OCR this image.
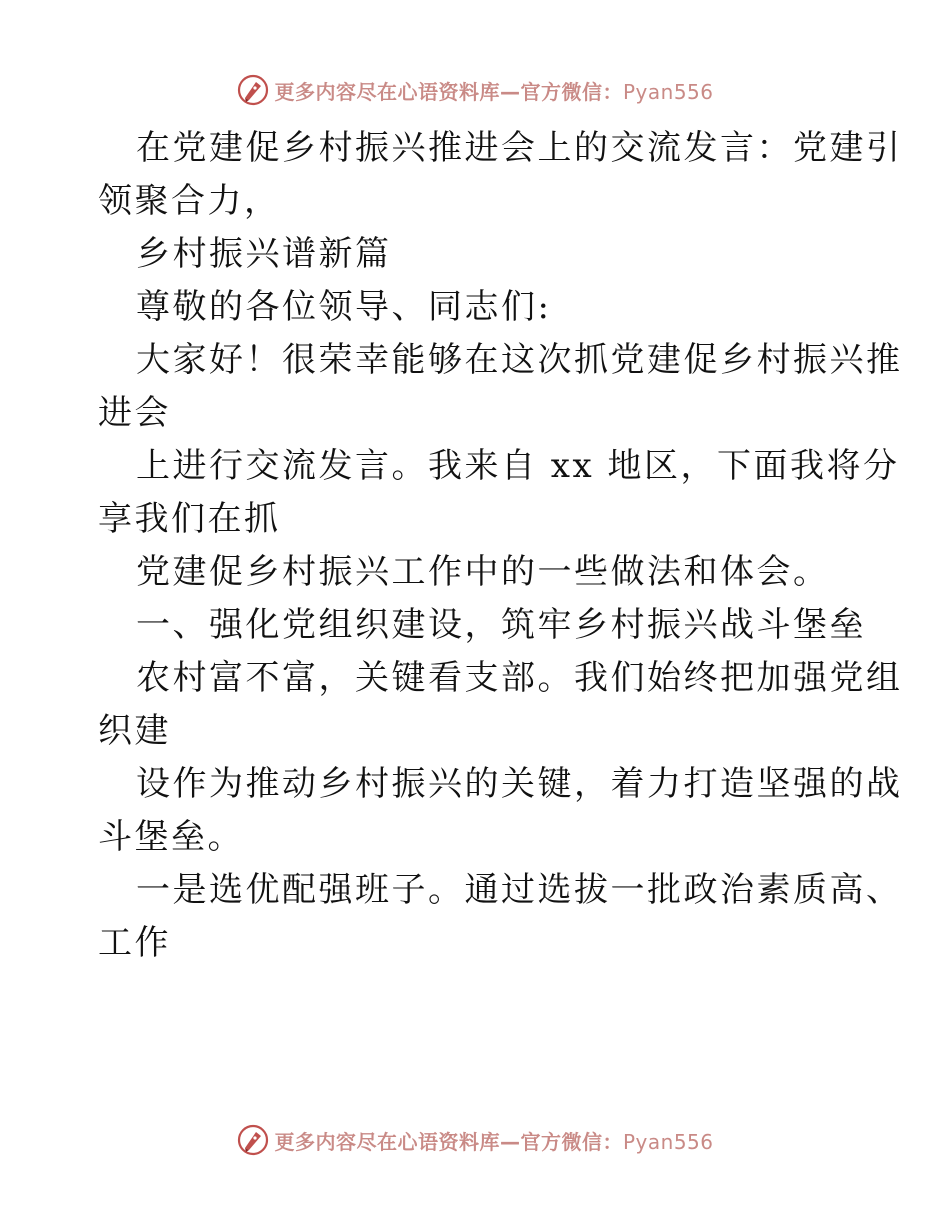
更多内容尽在心语资料库—官方微信：Pyan556

在党建促乡村振兴推进会上的交流发言：党建引

领聚合力，

乡村振兴谱新篇

尊敬的各位领导、同志们:

大家好！很荣幸能够在这次抓党建促乡村振兴推

进会

上进行交流发言。我来自 xx 地区，下面我将分

享我们在抓

党建促乡村振兴工作中的一些做法和体会。

一、强化党组织建设，筑牢乡村振兴战斗堡垒

农村富不富，关键看支部。我们始终把加强党组

织建

设作为推动乡村振兴的关键，着力打造坚强的战

斗堡垒。

一是选优配强班子。通过选拔一批政治素质高、

工作

更多内容尽在心语资料库—官方微信：Pyan556
